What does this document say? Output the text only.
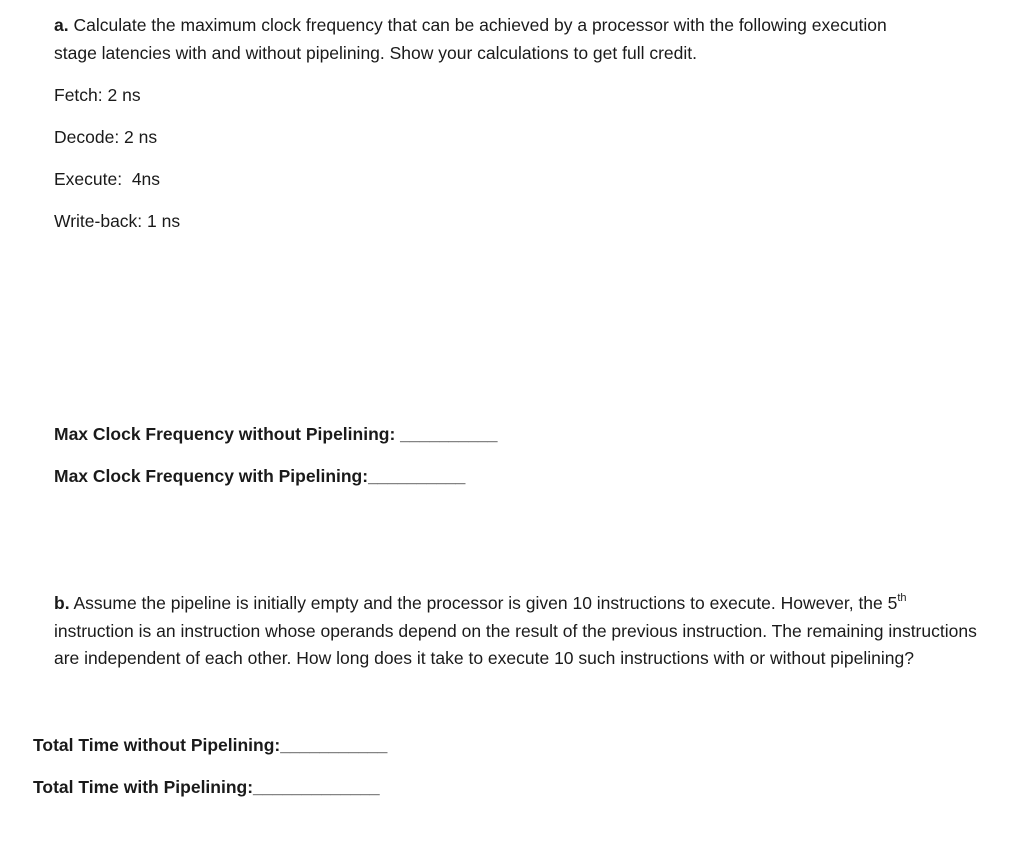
a. Calculate the maximum clock frequency that can be achieved by a processor with the following execution stage latencies with and without pipelining. Show your calculations to get full credit.
Fetch: 2 ns
Decode: 2 ns
Execute:  4ns
Write-back: 1 ns
Max Clock Frequency without Pipelining: __________
Max Clock Frequency with Pipelining:__________
b. Assume the pipeline is initially empty and the processor is given 10 instructions to execute. However, the 5th instruction is an instruction whose operands depend on the result of the previous instruction. The remaining instructions are independent of each other. How long does it take to execute 10 such instructions with or without pipelining?
Total Time without Pipelining:___________
Total Time with Pipelining:_____________
